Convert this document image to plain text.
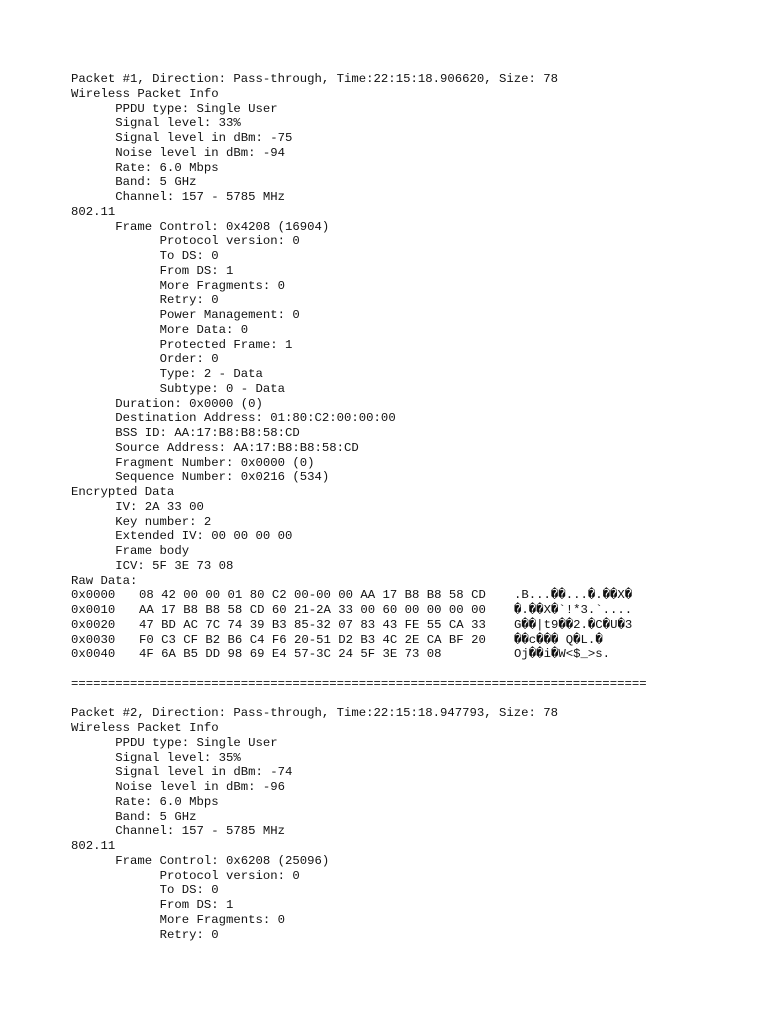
Packet #1, Direction: Pass-through, Time:22:15:18.906620, Size: 78
Wireless Packet Info
PPDU type: Single User
Signal level: 33%
Signal level in dBm: -75
Noise level in dBm: -94
Rate: 6.0 Mbps
Band: 5 GHz
Channel: 157 - 5785 MHz
802.11
Frame Control: 0x4208 (16904)
Protocol version: 0
To DS: 0
From DS: 1
More Fragments: 0
Retry: 0
Power Management: 0
More Data: 0
Protected Frame: 1
Order: 0
Type: 2 - Data
Subtype: 0 - Data
Duration: 0x0000 (0)
Destination Address: 01:80:C2:00:00:00
BSS ID: AA:17:B8:B8:58:CD
Source Address: AA:17:B8:B8:58:CD
Fragment Number: 0x0000 (0)
Sequence Number: 0x0216 (534)
Encrypted Data
IV: 2A 33 00
Key number: 2
Extended IV: 00 00 00 00
Frame body
ICV: 5F 3E 73 08
Raw Data:
0x0000	08 42 00 00 01 80 C2 00-00 00 AA 17 B8 B8 58 CD	.B...��...�.��X�
0x0010	AA 17 B8 B8 58 CD 60 21-2A 33 00 60 00 00 00 00	�.��X�`!*3.`....
0x0020	47 BD AC 7C 74 39 B3 85-32 07 83 43 FE 55 CA 33	G��|t9��2.�C�U�3
0x0030	F0 C3 CF B2 B6 C4 F6 20-51 D2 B3 4C 2E CA BF 20	��c��� Q�L.�
0x0040	4F 6A B5 DD 98 69 E4 57-3C 24 5F 3E 73 08	Oj��i�W<$_>s.
==============================================================================
Packet #2, Direction: Pass-through, Time:22:15:18.947793, Size: 78
Wireless Packet Info
PPDU type: Single User
Signal level: 35%
Signal level in dBm: -74
Noise level in dBm: -96
Rate: 6.0 Mbps
Band: 5 GHz
Channel: 157 - 5785 MHz
802.11
Frame Control: 0x6208 (25096)
Protocol version: 0
To DS: 0
From DS: 1
More Fragments: 0
Retry: 0
